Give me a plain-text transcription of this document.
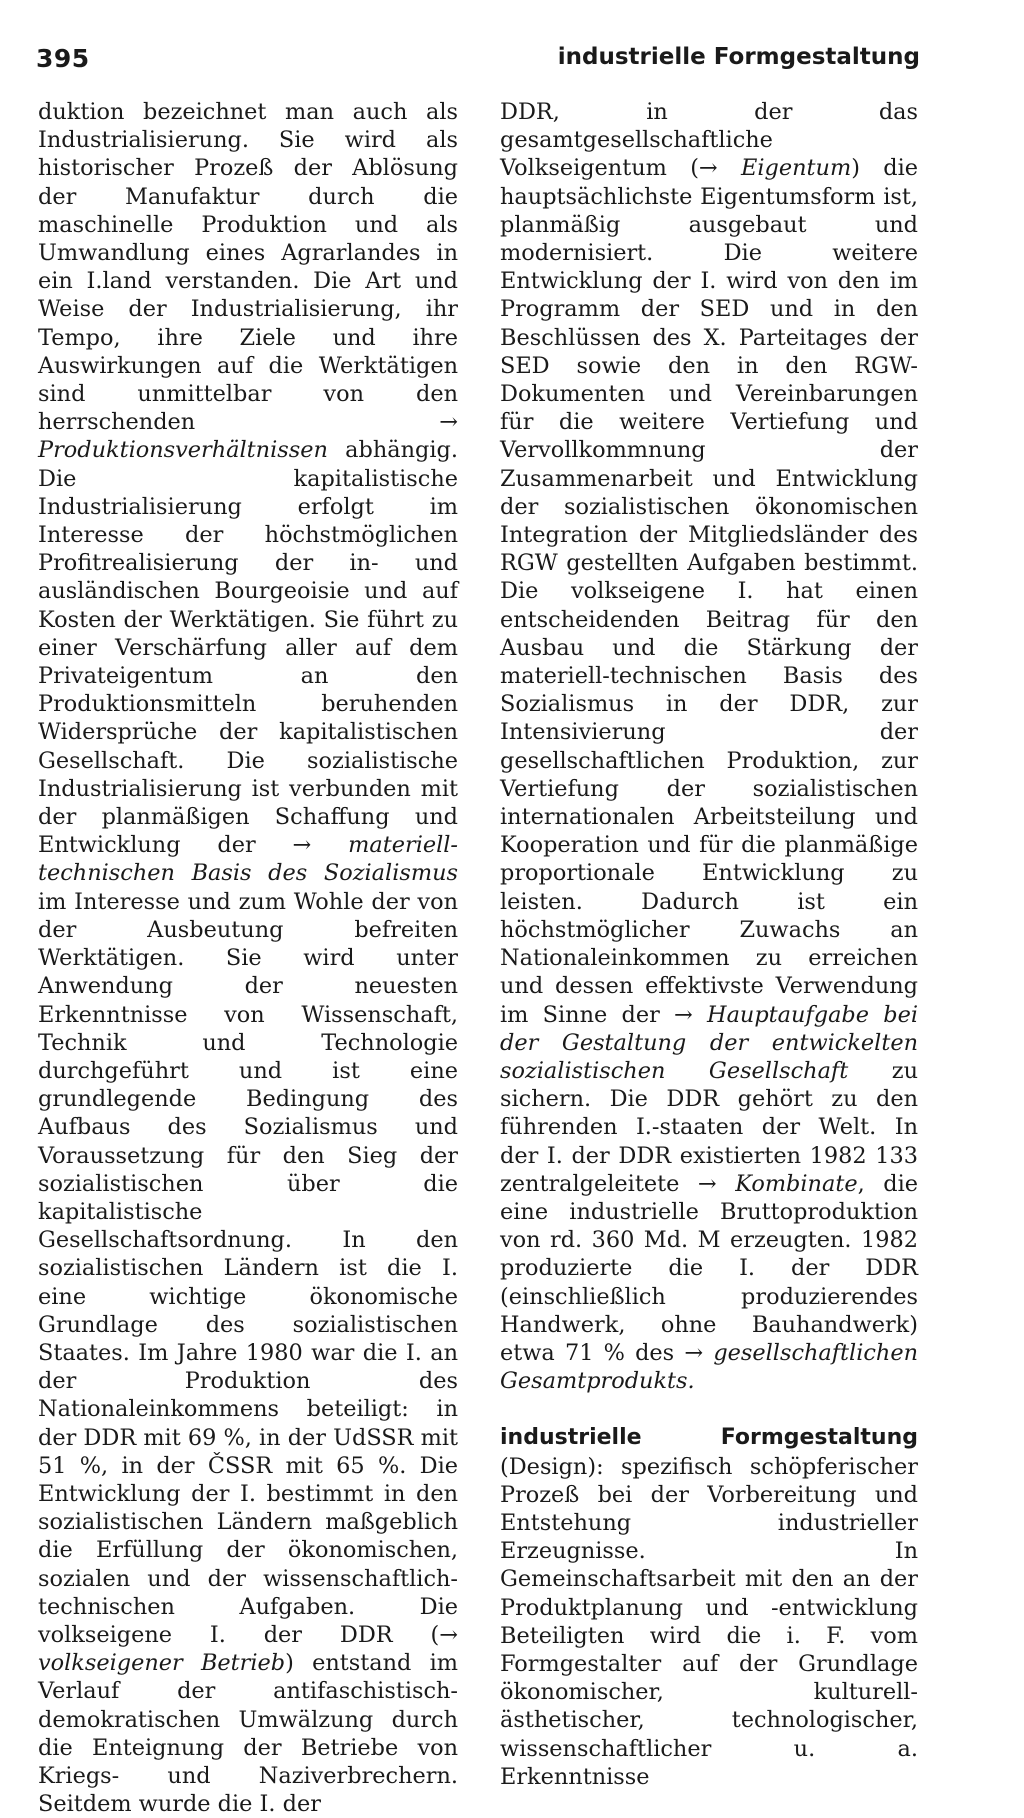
395	industrielle Formgestaltung

duktion bezeichnet man auch als Industrialisierung. Sie wird als historischer Prozeß der Ablösung der Manufaktur durch die maschinelle Produktion und als Umwandlung eines Agrarlandes in ein I.land verstanden. Die Art und Weise der Industrialisierung, ihr Tempo, ihre Ziele und ihre Auswirkungen auf die Werktätigen sind unmittelbar von den herrschenden → Produktionsverhältnissen abhängig. Die kapitalistische Industrialisierung erfolgt im Interesse der höchstmöglichen Profitrealisierung der in- und ausländischen Bourgeoisie und auf Kosten der Werktätigen. Sie führt zu einer Verschärfung aller auf dem Privateigentum an den Produktionsmitteln beruhenden Widersprüche der kapitalistischen Gesellschaft. Die sozialistische Industrialisierung ist verbunden mit der planmäßigen Schaffung und Entwicklung der → materiell-technischen Basis des Sozialismus im Interesse und zum Wohle der von der Ausbeutung befreiten Werktätigen. Sie wird unter Anwendung der neuesten Erkenntnisse von Wissenschaft, Technik und Technologie durchgeführt und ist eine grundlegende Bedingung des Aufbaus des Sozialismus und Voraussetzung für den Sieg der sozialistischen über die kapitalistische Gesellschaftsordnung. In den sozialistischen Ländern ist die I. eine wichtige ökonomische Grundlage des sozialistischen Staates. Im Jahre 1980 war die I. an der Produktion des Nationaleinkommens beteiligt: in der DDR mit 69 %, in der UdSSR mit 51 %, in der ČSSR mit 65 %. Die Entwicklung der I. bestimmt in den sozialistischen Ländern maßgeblich die Erfüllung der ökonomischen, sozialen und der wissenschaftlich-technischen Aufgaben. Die volkseigene I. der DDR (→ volkseigener Betrieb) entstand im Verlauf der antifaschistisch-demokratischen Umwälzung durch die Enteignung der Betriebe von Kriegs- und Naziverbrechern. Seitdem wurde die I. der

DDR, in der das gesamtgesellschaftliche Volkseigentum (→ Eigentum) die hauptsächlichste Eigentumsform ist, planmäßig ausgebaut und modernisiert. Die weitere Entwicklung der I. wird von den im Programm der SED und in den Beschlüssen des X. Parteitages der SED sowie den in den RGW-Dokumenten und Vereinbarungen für die weitere Vertiefung und Vervollkommnung der Zusammenarbeit und Entwicklung der sozialistischen ökonomischen Integration der Mitgliedsländer des RGW gestellten Aufgaben bestimmt. Die volkseigene I. hat einen entscheidenden Beitrag für den Ausbau und die Stärkung der materiell-technischen Basis des Sozialismus in der DDR, zur Intensivierung der gesellschaftlichen Produktion, zur Vertiefung der sozialistischen internationalen Arbeitsteilung und Kooperation und für die planmäßige proportionale Entwicklung zu leisten. Dadurch ist ein höchstmöglicher Zuwachs an Nationaleinkommen zu erreichen und dessen effektivste Verwendung im Sinne der → Hauptaufgabe bei der Gestaltung der entwickelten sozialistischen Gesellschaft zu sichern. Die DDR gehört zu den führenden I.-staaten der Welt. In der I. der DDR existierten 1982 133 zentralgeleitete → Kombinate, die eine industrielle Bruttoproduktion von rd. 360 Md. M erzeugten. 1982 produzierte die I. der DDR (einschließlich produzierendes Handwerk, ohne Bauhandwerk) etwa 71 % des → gesellschaftlichen Gesamtprodukts.

industrielle Formgestaltung (Design): spezifisch schöpferischer Prozeß bei der Vorbereitung und Entstehung industrieller Erzeugnisse. In Gemeinschaftsarbeit mit den an der Produktplanung und -entwicklung Beteiligten wird die i. F. vom Formgestalter auf der Grundlage ökonomischer, kulturell-ästhetischer, technologischer, wissenschaftlicher u. a. Erkenntnisse
